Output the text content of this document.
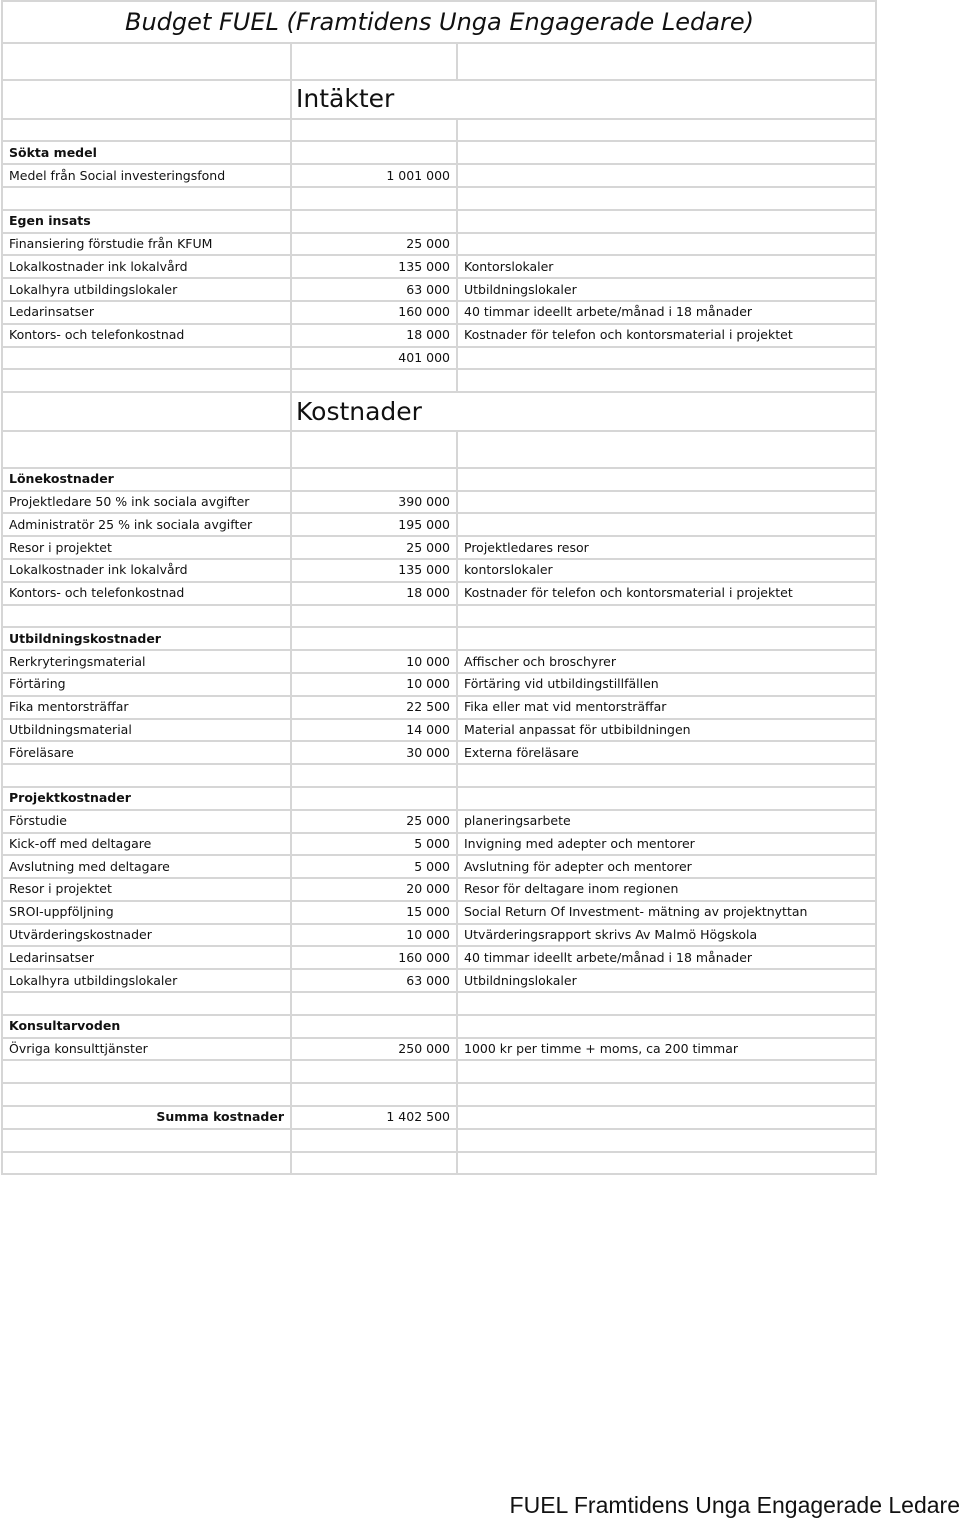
Budget FUEL (Framtidens Unga Engagerade Ledare)		

	Intäkter	

Sökta medel		
Medel från Social investeringsfond	1 001 000	

Egen insats		
Finansiering förstudie från KFUM	25 000	
Lokalkostnader ink lokalvård	135 000	Kontorslokaler
Lokalhyra utbildingslokaler	63 000	Utbildningslokaler
Ledarinsatser	160 000	40 timmar ideellt arbete/månad i 18 månader
Kontors- och telefonkostnad	18 000	Kostnader för telefon och kontorsmaterial i projektet
	401 000	

	Kostnader	

Lönekostnader		
Projektledare 50 % ink sociala avgifter	390 000	
Administratör 25 % ink sociala avgifter	195 000	
Resor i projektet	25 000	Projektledares resor
Lokalkostnader ink lokalvård	135 000	kontorslokaler
Kontors- och telefonkostnad	18 000	Kostnader för telefon och kontorsmaterial i projektet

Utbildningskostnader		
Rerkryteringsmaterial	10 000	Affischer och broschyrer
Förtäring	10 000	Förtäring vid utbildingstillfällen
Fika mentorsträffar	22 500	Fika eller mat vid mentorsträffar
Utbildningsmaterial	14 000	Material anpassat för utbibildningen
Föreläsare	30 000	Externa föreläsare

Projektkostnader		
Förstudie	25 000	planeringsarbete
Kick-off med deltagare	5 000	Invigning med adepter och mentorer
Avslutning med deltagare	5 000	Avslutning för adepter och mentorer
Resor i projektet	20 000	Resor för deltagare inom regionen
SROI-uppföljning	15 000	Social Return Of Investment- mätning av projektnyttan
Utvärderingskostnader	10 000	Utvärderingsrapport skrivs Av Malmö Högskola
Ledarinsatser	160 000	40 timmar ideellt arbete/månad i 18 månader
Lokalhyra utbildingslokaler	63 000	Utbildningslokaler

Konsultarvoden		
Övriga konsulttjänster	250 000	1000 kr per timme + moms, ca 200 timmar

Summa kostnader	1 402 500	

FUEL Framtidens Unga Engagerade Ledare
